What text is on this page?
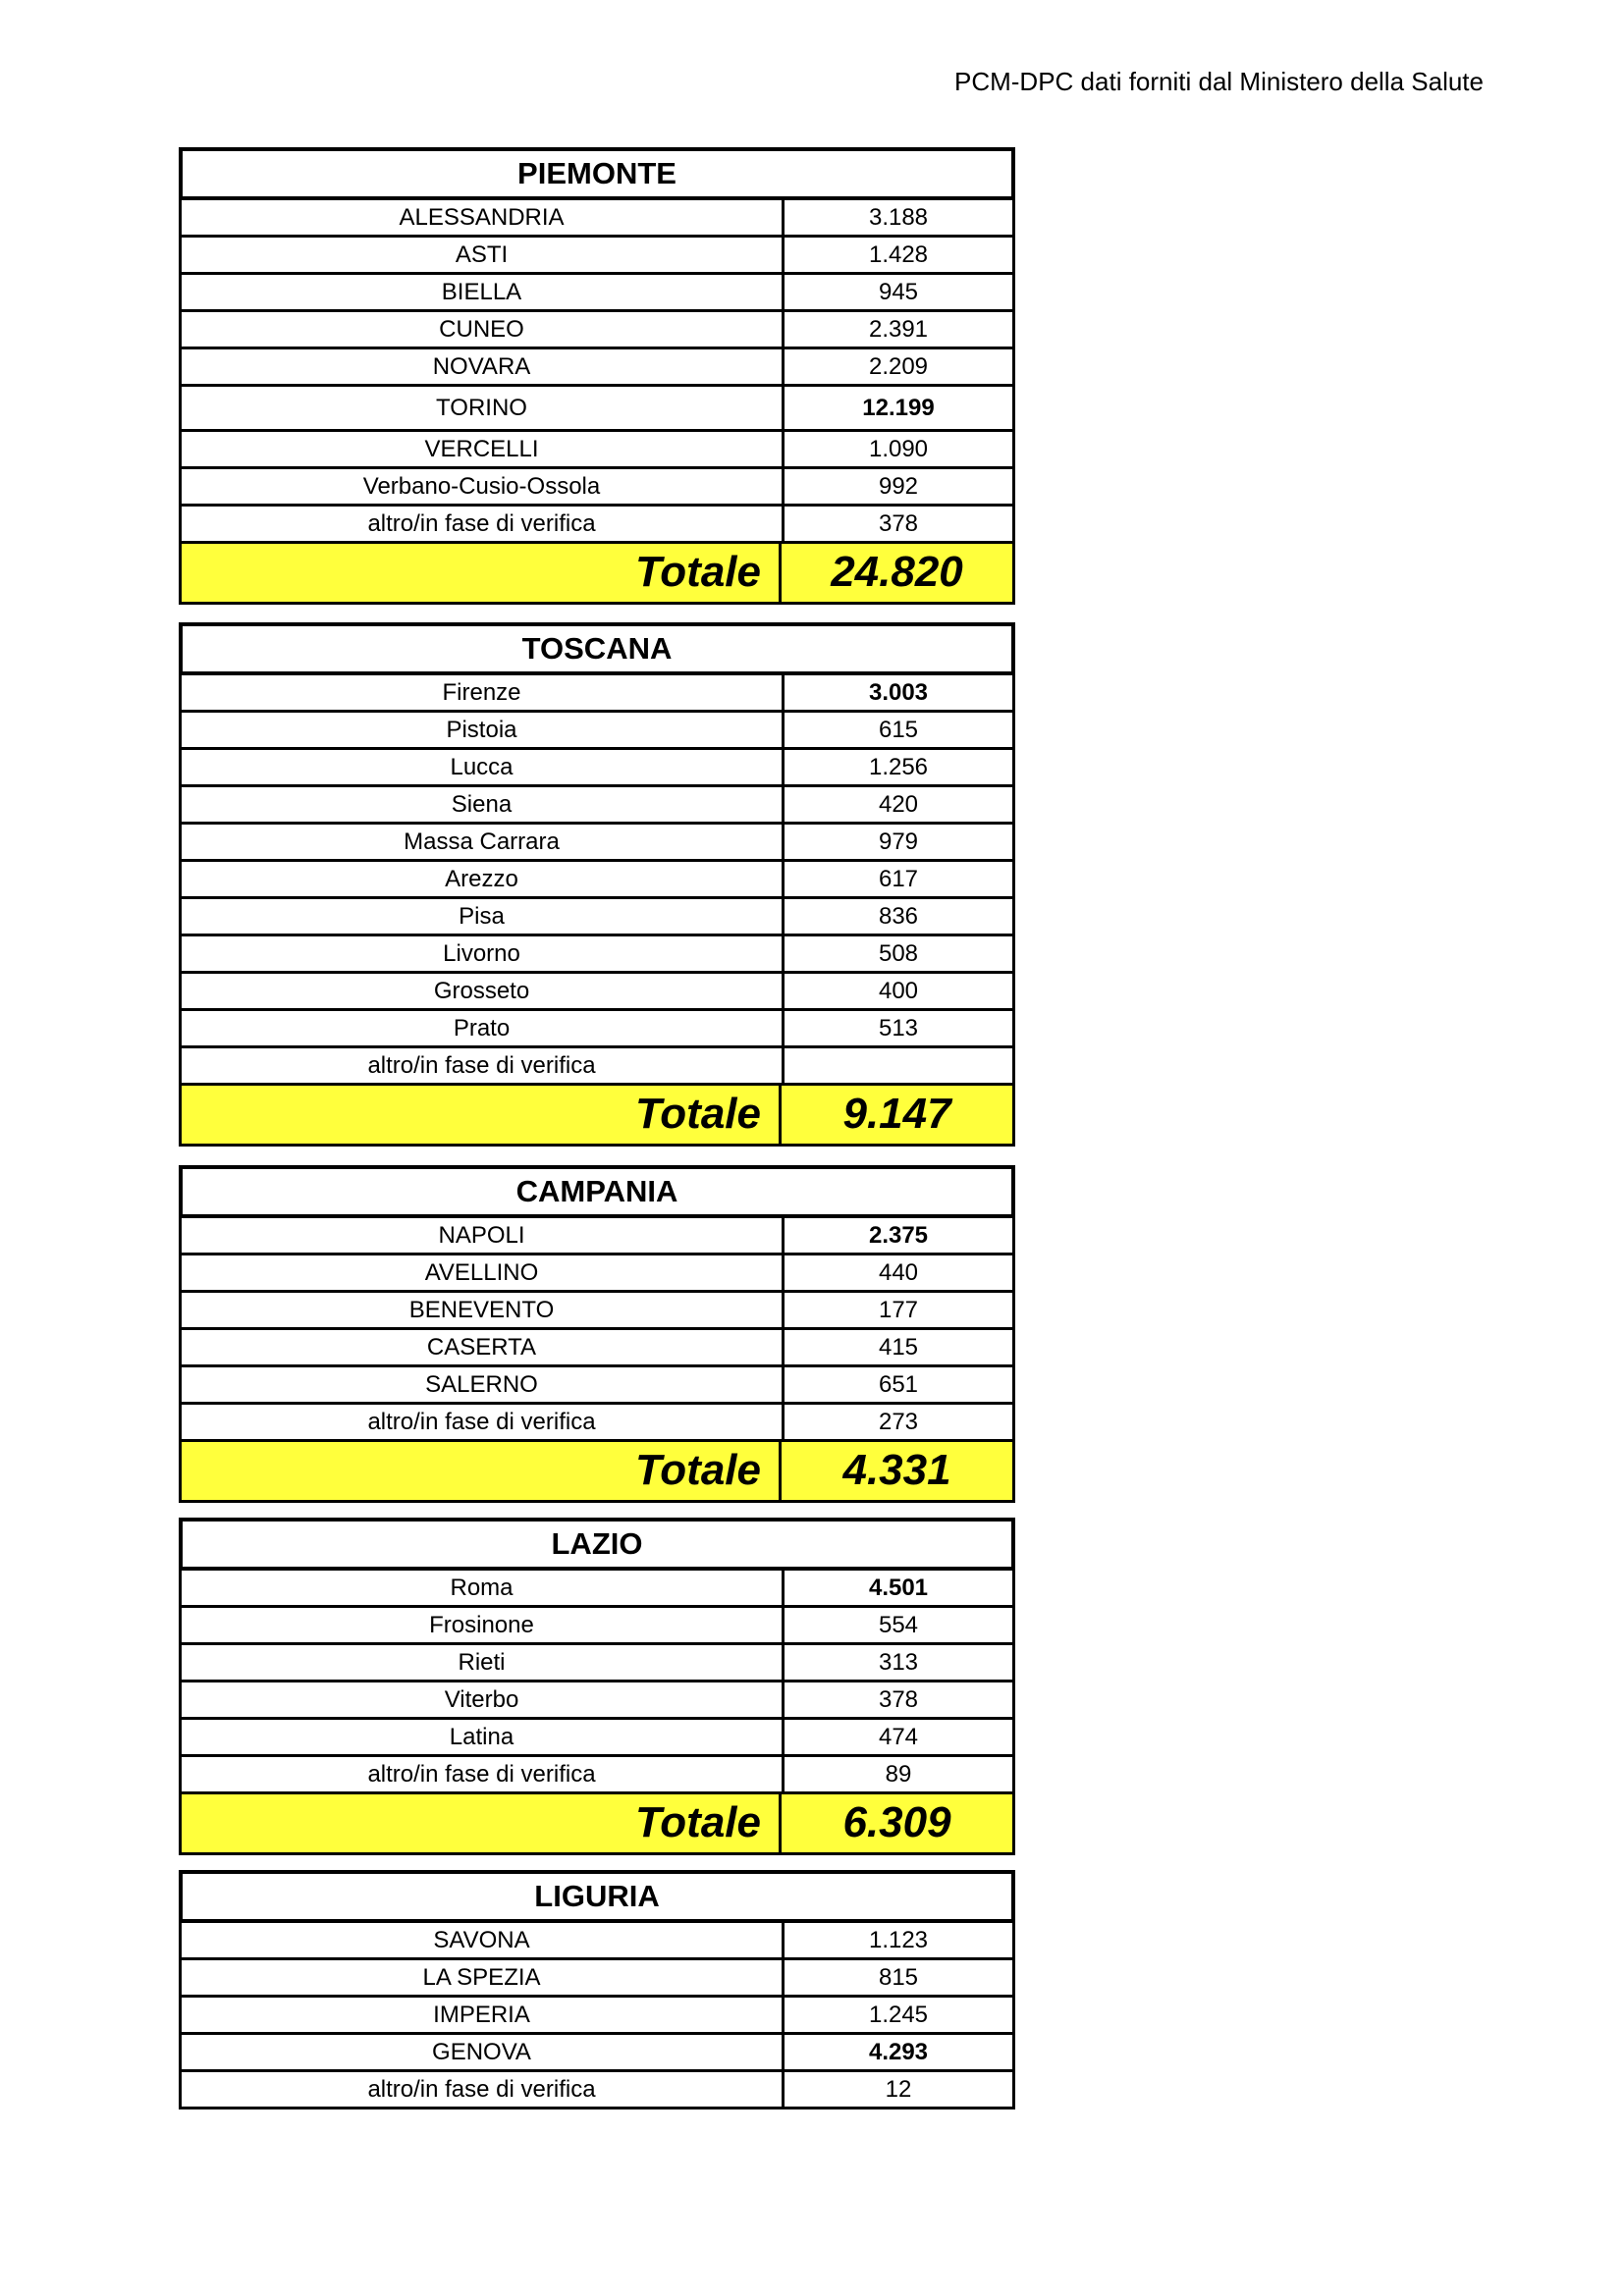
PCM-DPC dati forniti dal Ministero della Salute
PIEMONTE
ALESSANDRIA	3.188
ASTI	1.428
BIELLA	945
CUNEO	2.391
NOVARA	2.209
TORINO	12.199
VERCELLI	1.090
Verbano-Cusio-Ossola	992
altro/in fase di verifica	378
Totale	24.820
TOSCANA
Firenze	3.003
Pistoia	615
Lucca	1.256
Siena	420
Massa Carrara	979
Arezzo	617
Pisa	836
Livorno	508
Grosseto	400
Prato	513
altro/in fase di verifica
Totale	9.147
CAMPANIA
NAPOLI	2.375
AVELLINO	440
BENEVENTO	177
CASERTA	415
SALERNO	651
altro/in fase di verifica	273
Totale	4.331
LAZIO
Roma	4.501
Frosinone	554
Rieti	313
Viterbo	378
Latina	474
altro/in fase di verifica	89
Totale	6.309
LIGURIA
SAVONA	1.123
LA SPEZIA	815
IMPERIA	1.245
GENOVA	4.293
altro/in fase di verifica	12
